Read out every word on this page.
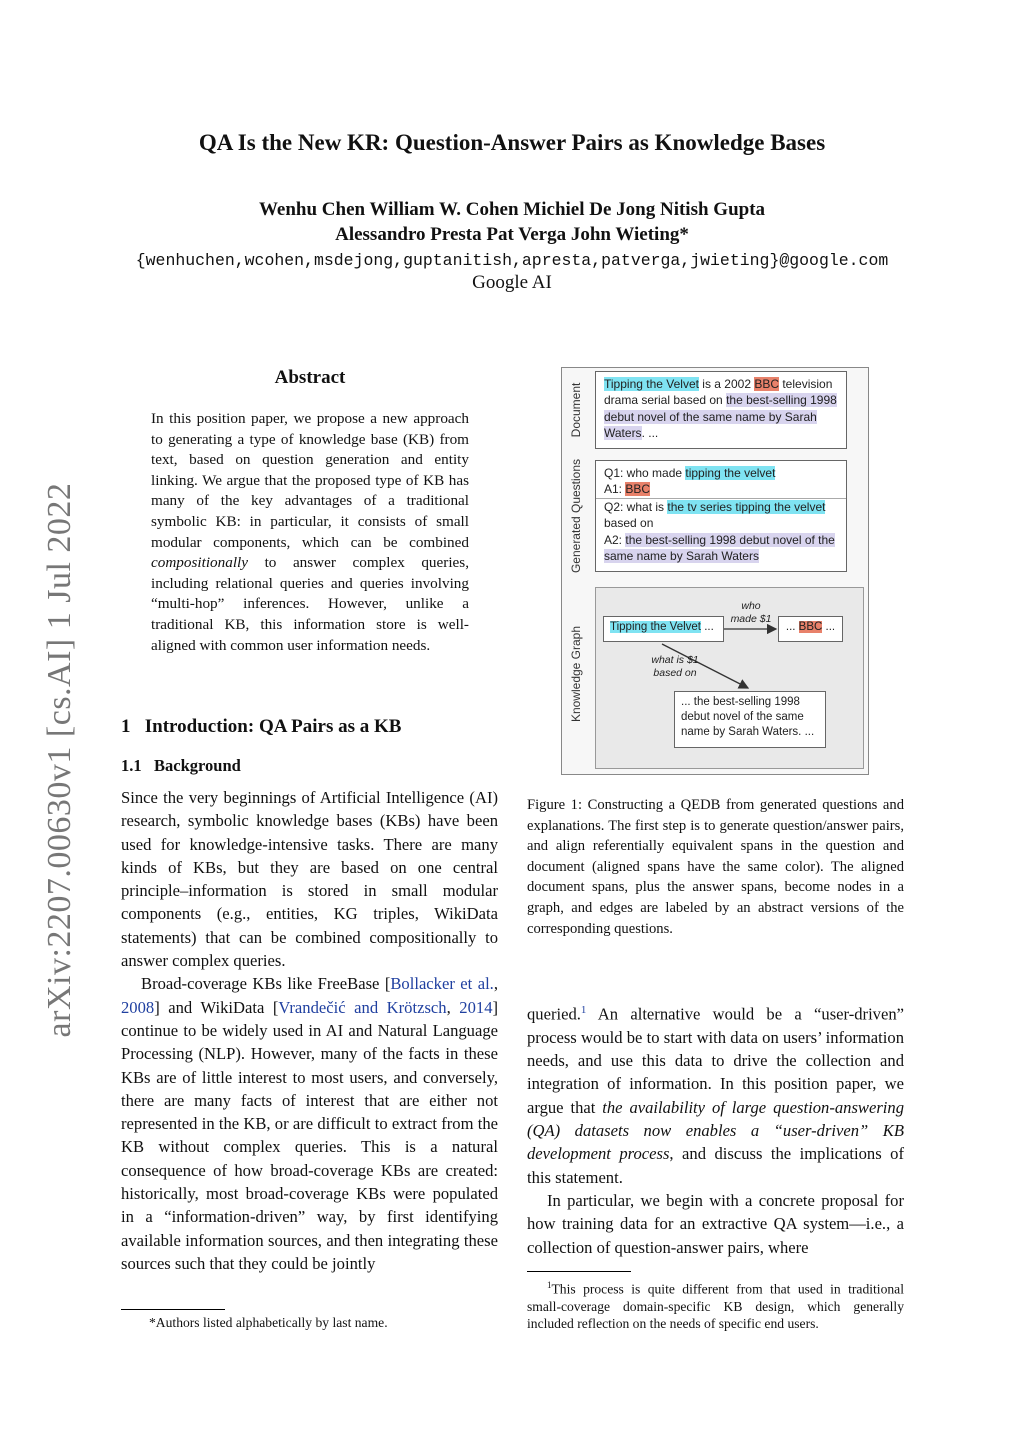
arXiv:2207.00630v1 [cs.AI] 1 Jul 2022
QA Is the New KR: Question-Answer Pairs as Knowledge Bases
Wenhu Chen William W. Cohen Michiel De Jong Nitish Gupta
Alessandro Presta Pat Verga John Wieting*
{wenhuchen,wcohen,msdejong,guptanitish,apresta,patverga,jwieting}@google.com
Google AI
Abstract
In this position paper, we propose a new approach to generating a type of knowledge base (KB) from text, based on question generation and entity linking. We argue that the proposed type of KB has many of the key advantages of a traditional symbolic KB: in particular, it consists of small modular components, which can be combined compositionally to answer complex queries, including relational queries and queries involving “multi-hop” inferences. However, unlike a traditional KB, this information store is well-aligned with common user information needs.
1 Introduction: QA Pairs as a KB
1.1 Background

Since the very beginnings of Artificial Intelligence (AI) research, symbolic knowledge bases (KBs) have been used for knowledge-intensive tasks. There are many kinds of KBs, but they are based on one central principle–information is stored in small modular components (e.g., entities, KG triples, WikiData statements) that can be combined compositionally to answer complex queries.

Broad-coverage KBs like FreeBase [Bollacker et al., 2008] and WikiData [Vrandečić and Krötzsch, 2014] continue to be widely used in AI and Natural Language Processing (NLP). However, many of the facts in these KBs are of little interest to most users, and conversely, there are many facts of interest that are either not represented in the KB, or are difficult to extract from the KB without complex queries. This is a natural consequence of how broad-coverage KBs are created: historically, most broad-coverage KBs were populated in a “information-driven” way, by first identifying available information sources, and then integrating these sources such that they could be jointly

*Authors listed alphabetically by last name.
Document
Generated Questions
Knowledge Graph
Tipping the Velvet is a 2002 BBC television drama serial based on the best-selling 1998 debut novel of the same name by Sarah Waters. ...
Q1: who made tipping the velvet
A1: BBC
Q2: what is the tv series tipping the velvet based on
A2: the best-selling 1998 debut novel of the same name by Sarah Waters
Tipping the Velvet ...	... BBC ...
... the best-selling 1998 debut novel of the same name by Sarah Waters. ...
who made $1
what is $1 based on
Figure 1: Constructing a QEDB from generated questions and explanations. The first step is to generate question/answer pairs, and align referentially equivalent spans in the question and document (aligned spans have the same color). The aligned document spans, plus the answer spans, become nodes in a graph, and edges are labeled by an abstract versions of the corresponding questions.

queried.$^1$ An alternative would be a “user-driven” process would be to start with data on users’ information needs, and use this data to drive the collection and integration of information. In this position paper, we argue that the availability of large question-answering (QA) datasets now enables a “user-driven” KB development process, and discuss the implications of this statement.

In particular, we begin with a concrete proposal for how training data for an extractive QA system—i.e., a collection of question-answer pairs, where

$^1$This process is quite different from that used in traditional small-coverage domain-specific KB design, which generally included reflection on the needs of specific end users.
